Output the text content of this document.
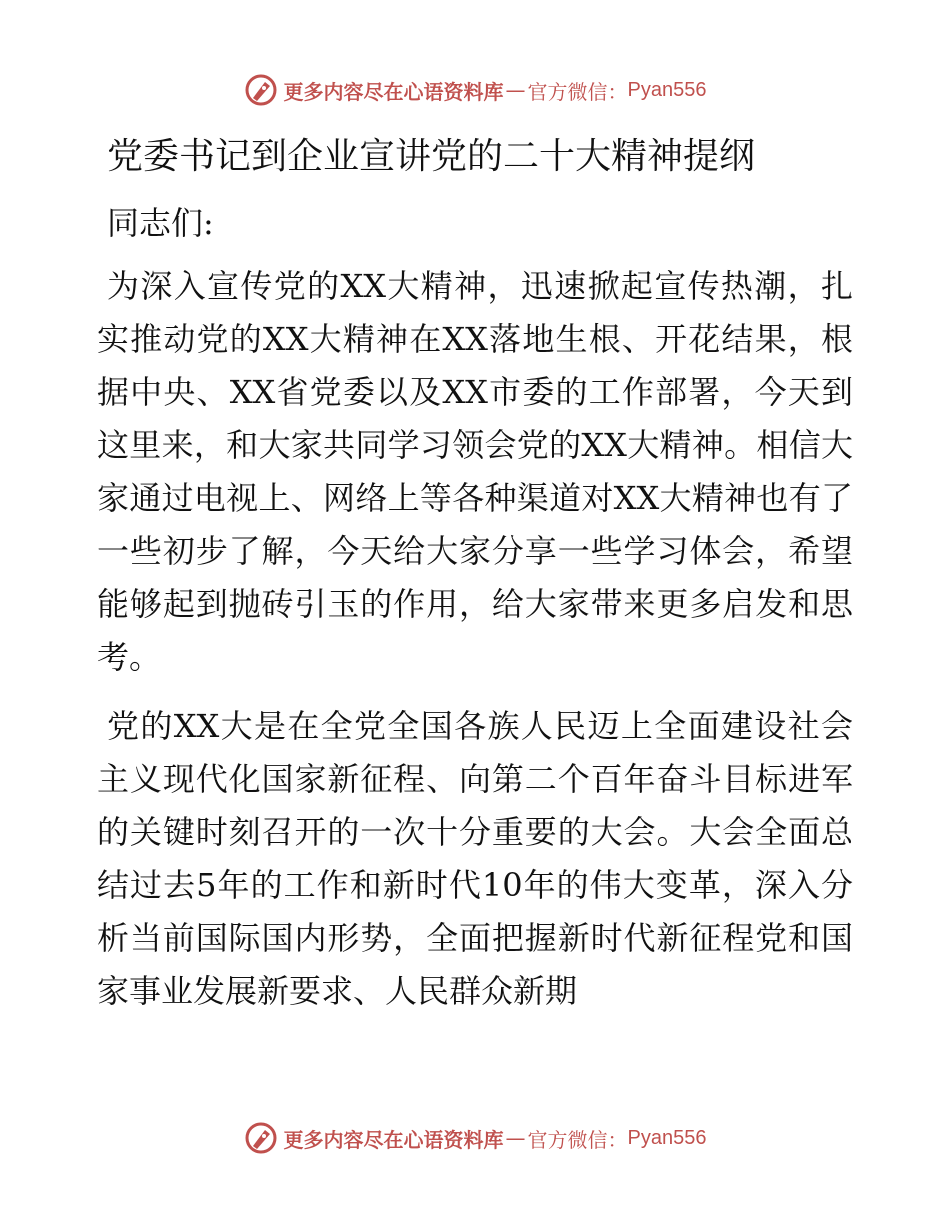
更多内容尽在心语资料库 — 官方微信： Pyan556
党委书记到企业宣讲党的二十大精神提纲
同志们:

为深入宣传党的XX大精神，迅速掀起宣传热潮，扎实推动党的XX大精神在XX落地生根、开花结果，根据中央、XX省党委以及XX市委的工作部署，今天到这里来，和大家共同学习领会党的XX大精神。相信大家通过电视上、网络上等各种渠道对XX大精神也有了一些初步了解，今天给大家分享一些学习体会，希望能够起到抛砖引玉的作用，给大家带来更多启发和思考。

党的XX大是在全党全国各族人民迈上全面建设社会主义现代化国家新征程、向第二个百年奋斗目标进军的关键时刻召开的一次十分重要的大会。大会全面总结过去5年的工作和新时代10年的伟大变革，深入分析当前国际国内形势，全面把握新时代新征程党和国家事业发展新要求、人民群众新期

更多内容尽在心语资料库 — 官方微信： Pyan556
